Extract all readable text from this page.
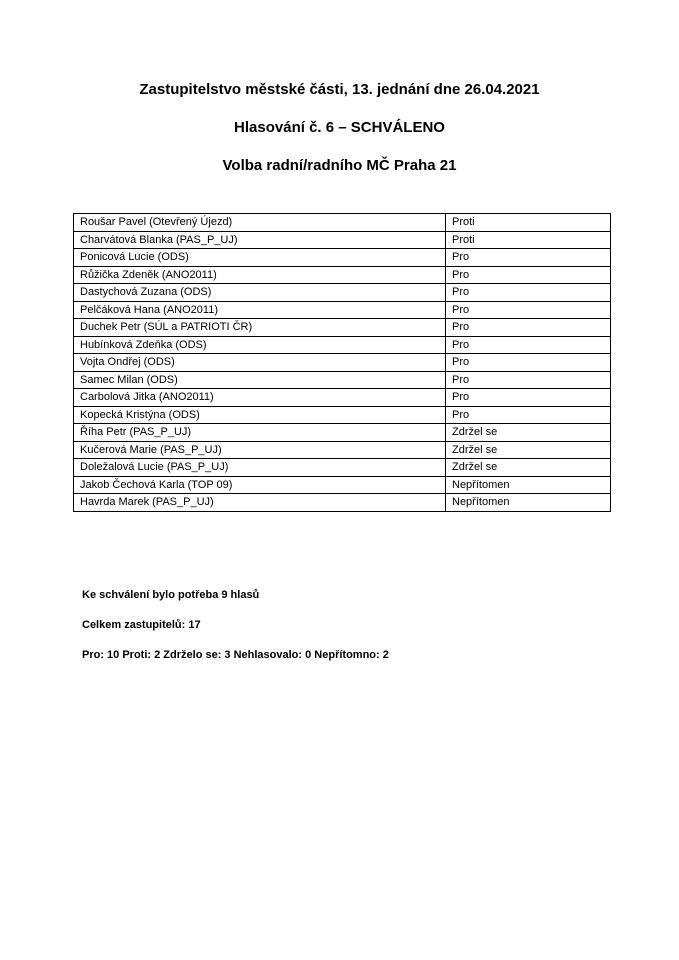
Zastupitelstvo městské části, 13. jednání dne 26.04.2021
Hlasování č. 6 – SCHVÁLENO
Volba radní/radního MČ Praha 21
Roušar Pavel (Otevřený Újezd)	Proti
Charvátová Blanka (PAS_P_UJ)	Proti
Ponicová Lucie (ODS)	Pro
Růžička Zdeněk (ANO2011)	Pro
Dastychová Zuzana (ODS)	Pro
Pelčáková Hana (ANO2011)	Pro
Duchek Petr (SÚL a PATRIOTI ČR)	Pro
Hubínková Zdeňka (ODS)	Pro
Vojta Ondřej (ODS)	Pro
Samec Milan (ODS)	Pro
Carbolová Jitka (ANO2011)	Pro
Kopecká Kristýna (ODS)	Pro
Říha Petr (PAS_P_UJ)	Zdržel se
Kučerová Marie (PAS_P_UJ)	Zdržel se
Doležalová Lucie (PAS_P_UJ)	Zdržel se
Jakob Čechová Karla (TOP 09)	Nepřítomen
Havrda Marek (PAS_P_UJ)	Nepřítomen
Ke schválení bylo potřeba 9 hlasů
Celkem zastupitelů: 17
Pro: 10 Proti: 2 Zdrželo se: 3 Nehlasovalo: 0 Nepřítomno: 2
